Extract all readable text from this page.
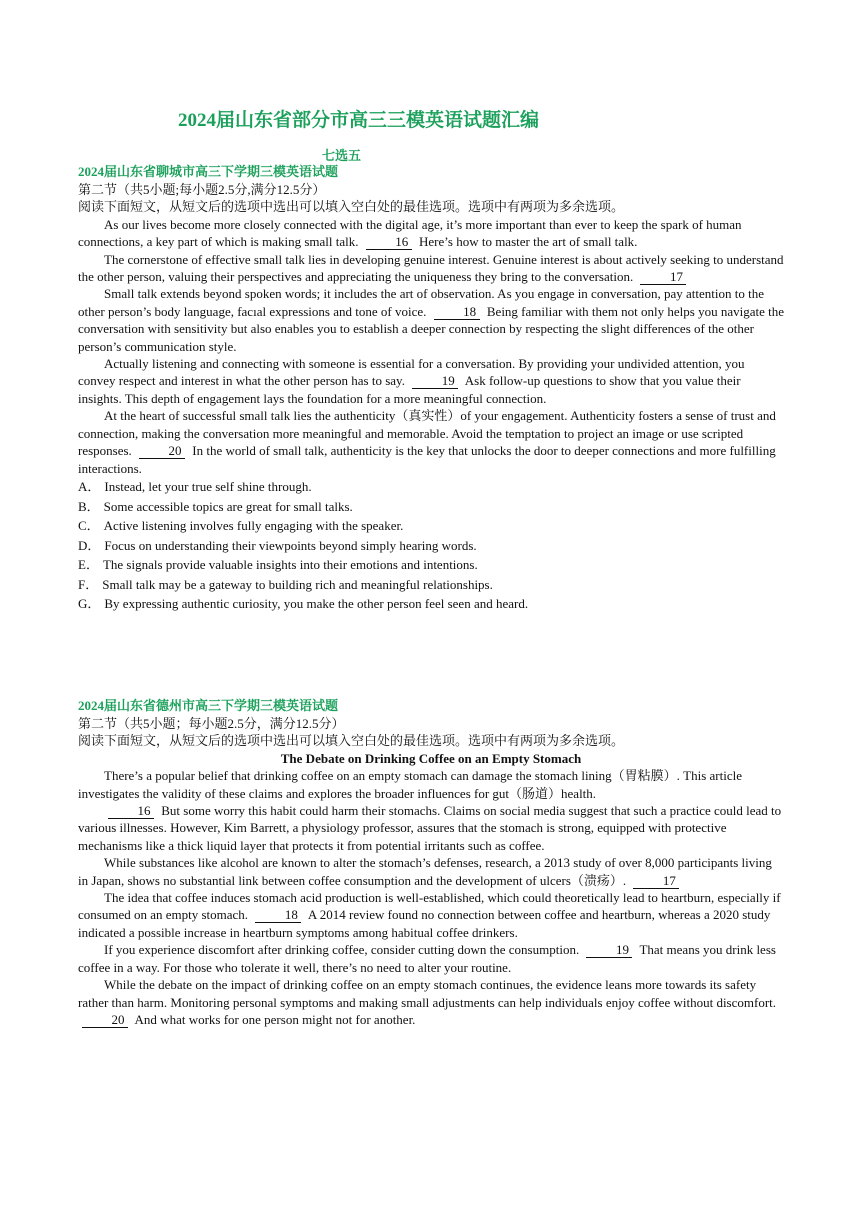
2024届山东省部分市高三三模英语试题汇编
七选五
2024届山东省聊城市高三下学期三模英语试题

第二节（共5小题;每小题2.5分,满分12.5分）

阅读下面短文，从短文后的选项中选出可以填入空白处的最佳选项。选项中有两项为多余选项。

As our lives become more closely connected with the digital age, it’s more important than ever to keep the spark of human connections, a key part of which is making small talk.	16 Here’s how to master the art of small talk.

The cornerstone of effective small talk lies in developing genuine interest. Genuine interest is about actively seeking to understand the other person, valuing their perspectives and appreciating the uniqueness they bring to the conversation.	17

Small talk extends beyond spoken words; it includes the art of observation. As you engage in conversation, pay attention to the other person’s body language, facıal expressions and tone of voice.	18 Being familiar with them not only helps you navigate the conversation with sensitivity but also enables you to establish a deeper connection by respecting the slight differences of the other person’s communication style.

Actually listening and connecting with someone is essential for a conversation. By providing your undivided attention, you convey respect and interest in what the other person has to say.	19 Ask follow-up questions to show that you value their insights. This depth of engagement lays the foundation for a more meaningful connection.

At the heart of successful small talk lies the authenticity（真实性）of your engagement. Authenticity fosters a sense of trust and connection, making the conversation more meaningful and memorable. Avoid the temptation to project an image or use scripted responses.	20 In the world of small talk, authenticity is the key that unlocks the door to deeper connections and more fulfilling interactions.

A． Instead, let your true self shine through.

B． Some accessible topics are great for small talks.

C． Active listening involves fully engaging with the speaker.

D． Focus on understanding their viewpoints beyond simply hearing words.

E． The signals provide valuable insights into their emotions and intentions.

F． Small talk may be a gateway to building rich and meaningful relationships.

G． By expressing authentic curiosity, you make the other person feel seen and heard.

2024届山东省德州市高三下学期三模英语试题

第二节（共5小题；每小题2.5分，满分12.5分）

阅读下面短文，从短文后的选项中选出可以填入空白处的最佳选项。选项中有两项为多余选项。

The Debate on Drinking Coffee on an Empty Stomach

There’s a popular belief that drinking coffee on an empty stomach can damage the stomach lining（胃粘膜）. This article investigates the validity of these claims and explores the broader influences for gut（肠道）health.

16 But some worry this habit could harm their stomachs. Claims on social media suggest that such a practice could lead to various illnesses. However, Kim Barrett, a physiology professor, assures that the stomach is strong, equipped with protective mechanisms like a thick liquid layer that protects it from potential irritants such as coffee.

While substances like alcohol are known to alter the stomach’s defenses, research, a 2013 study of over 8,000 participants living in Japan, shows no substantial link between coffee consumption and the development of ulcers（溃疡）.	17

The idea that coffee induces stomach acid production is well-established, which could theoretically lead to heartburn, especially if consumed on an empty stomach.	18 A 2014 review found no connection between coffee and heartburn, whereas a 2020 study indicated a possible increase in heartburn symptoms among habitual coffee drinkers.

If you experience discomfort after drinking coffee, consider cutting down the consumption.	19 That means you drink less coffee in a way. For those who tolerate it well, there’s no need to alter your routine.

While the debate on the impact of drinking coffee on an empty stomach continues, the evidence leans more towards its safety rather than harm. Monitoring personal symptoms and making small adjustments can help individuals enjoy coffee without discomfort. 20 And what works for one person might not for another.
